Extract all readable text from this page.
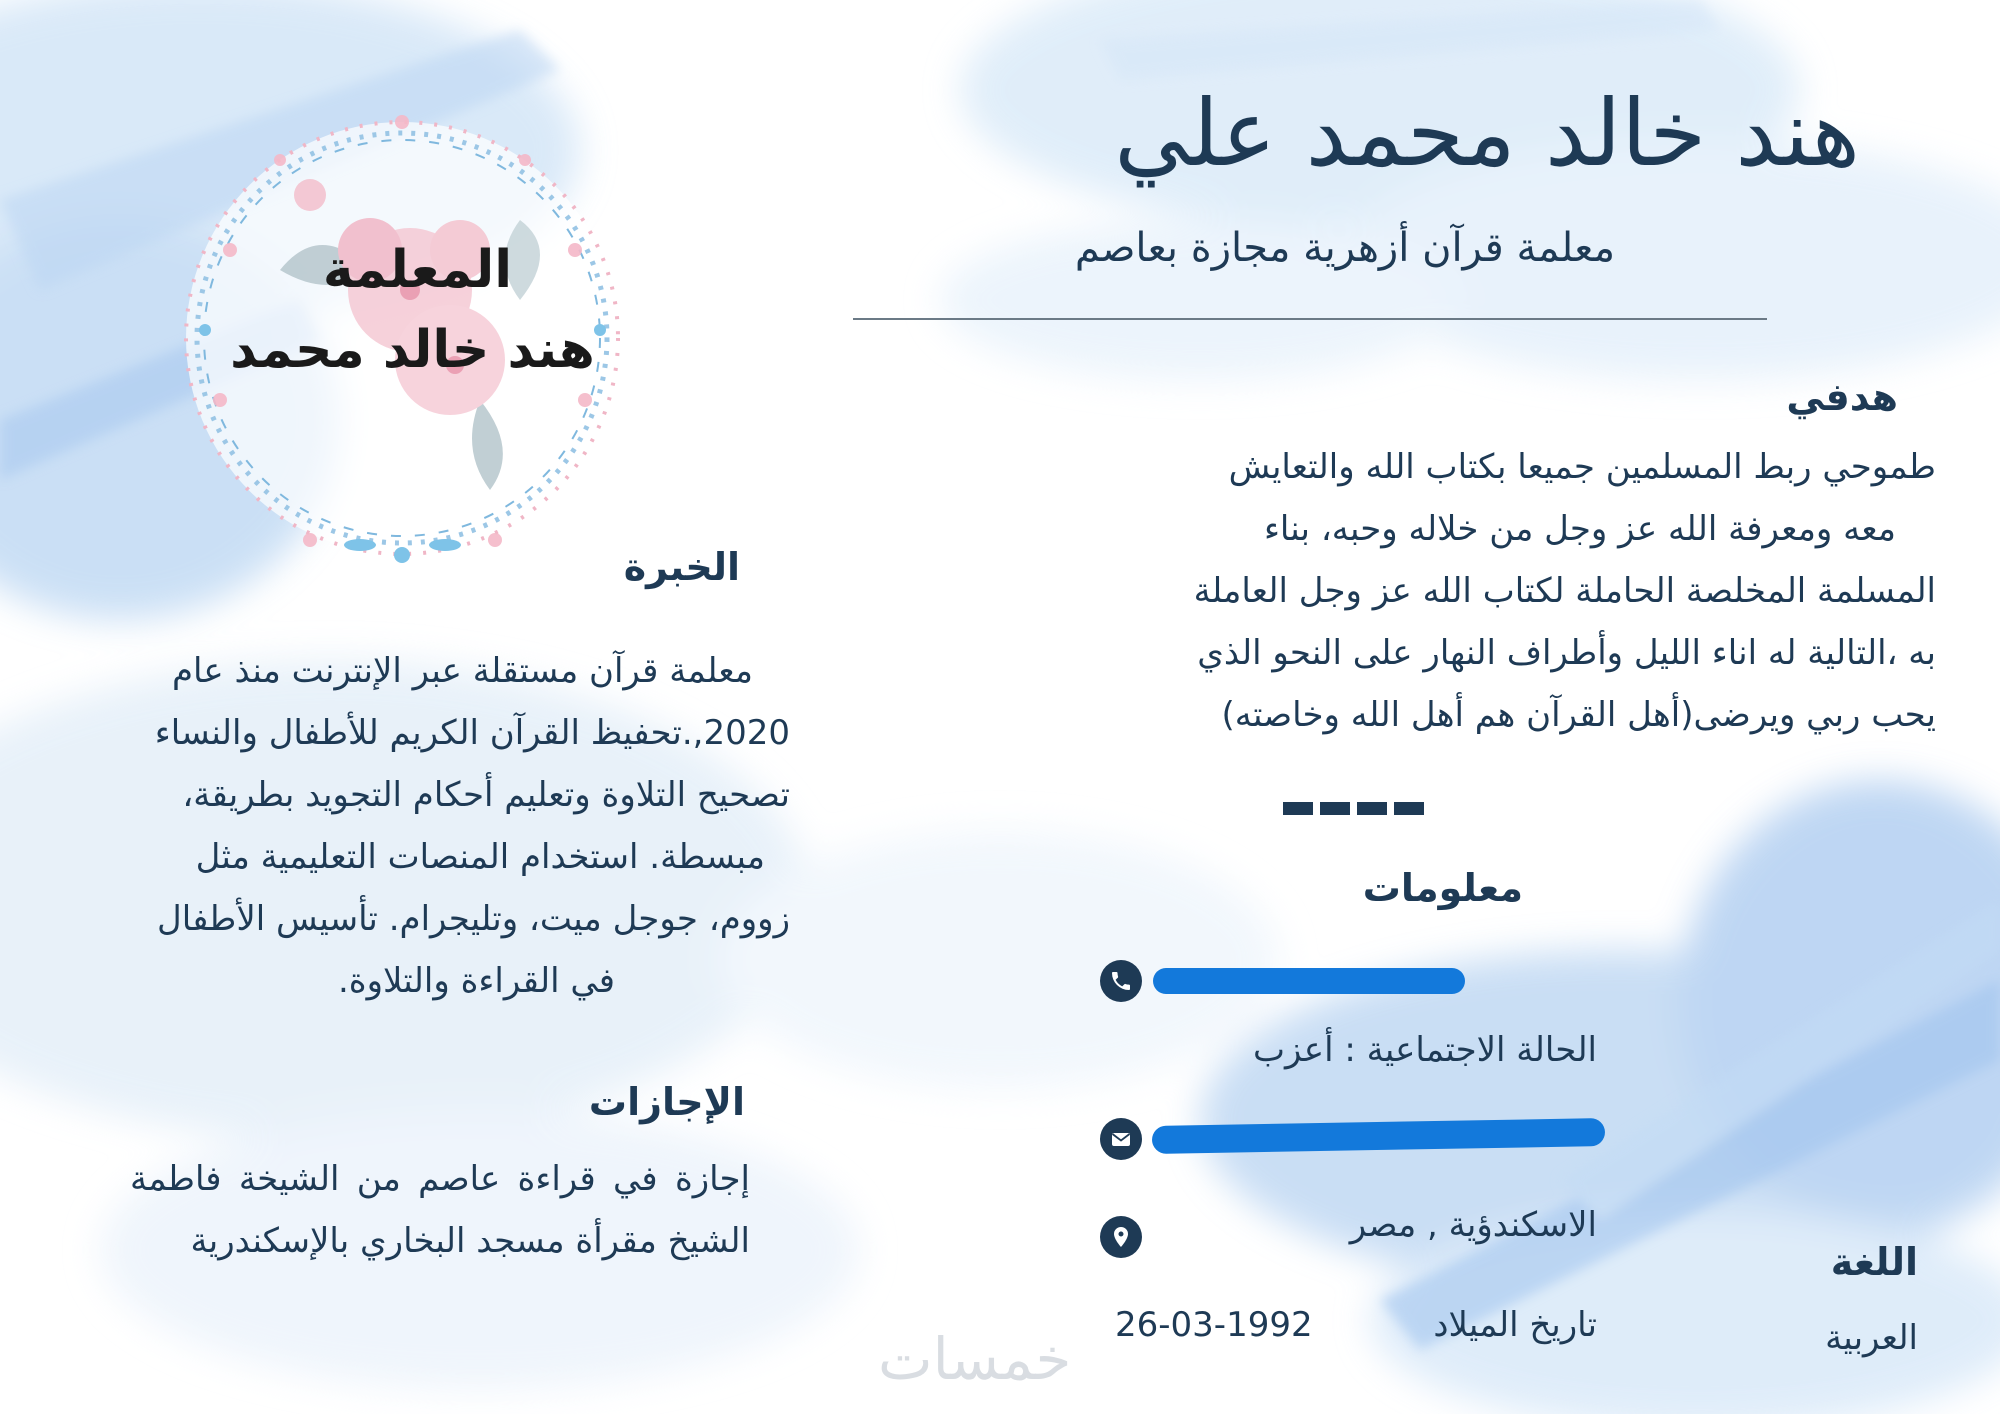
هند خالد محمد علي
معلمة قرآن أزهرية مجازة بعاصم
المعلمة
هند خالد محمد
هدفي
طموحي ربط المسلمين جميعا بكتاب الله والتعايش
معه ومعرفة الله عز وجل من خلاله وحبه، بناء
المسلمة المخلصة الحاملة لكتاب الله عز وجل العاملة
به ،التالية له اناء الليل وأطراف النهار على النحو الذي
يحب ربي ويرضى(أهل القرآن هم أهل الله وخاصته)
معلومات
الحالة الاجتماعية : أعزب
الاسكندؤية , مصر
تاريخ الميلاد
26-03-1992
اللغة
العربية
الخبرة
معلمة قرآن مستقلة عبر الإنترنت منذ عام
2020,.تحفيظ القرآن الكريم للأطفال والنساء
تصحيح التلاوة وتعليم أحكام التجويد بطريقة،
مبسطة. استخدام المنصات التعليمية مثل
زووم، جوجل ميت، وتليجرام. تأسيس الأطفال
في القراءة والتلاوة.
الإجازات
إجازة في قراءة عاصم من الشيخة فاطمة الشيخ مقرأة مسجد البخاري بالإسكندرية
خمسات
